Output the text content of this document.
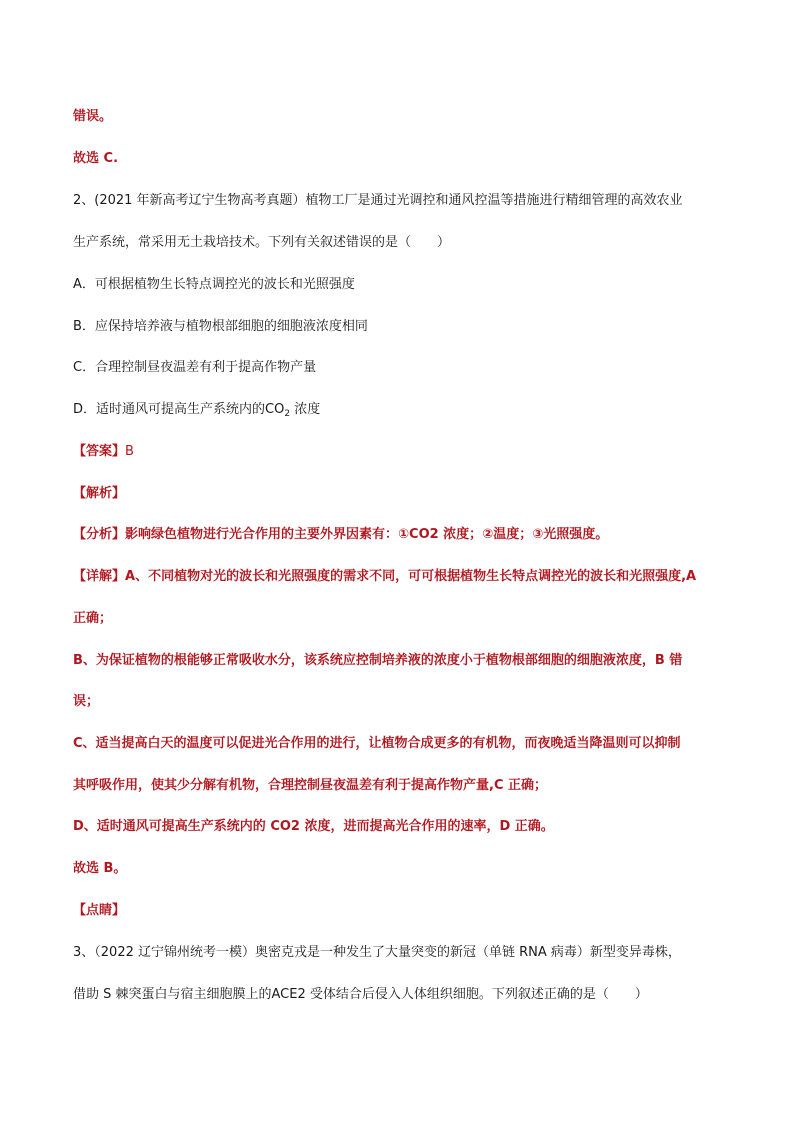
错误。
故选 C.
2、(2021 年新高考辽宁生物高考真题）植物工厂是通过光调控和通风控温等措施进行精细管理的高效农业
生产系统，常采用无土栽培技术。下列有关叙述错误的是（　　）
A．可根据植物生长特点调控光的波长和光照强度
B．应保持培养液与植物根部细胞的细胞液浓度相同
C．合理控制昼夜温差有利于提高作物产量
D．适时通风可提高生产系统内的$CO_2$ 浓度
【答案】B
【解析】
【分析】影响绿色植物进行光合作用的主要外界因素有：①CO2 浓度；②温度；③光照强度。
【详解】A、不同植物对光的波长和光照强度的需求不同，可可根据植物生长特点调控光的波长和光照强度,A
正确；
B、为保证植物的根能够正常吸收水分，该系统应控制培养液的浓度小于植物根部细胞的细胞液浓度，B 错
误；
C、适当提高白天的温度可以促进光合作用的进行，让植物合成更多的有机物，而夜晚适当降温则可以抑制
其呼吸作用，使其少分解有机物，合理控制昼夜温差有利于提高作物产量,C 正确；
D、适时通风可提高生产系统内的 CO2 浓度，进而提高光合作用的速率，D 正确。
故选 B。
【点睛】
3、（2022 辽宁锦州统考一模）奥密克戎是一种发生了大量突变的新冠（单链 RNA 病毒）新型变异毒株，
借助 S 棘突蛋白与宿主细胞膜上的ACE2 受体结合后侵入人体组织细胞。下列叙述正确的是（　　）
